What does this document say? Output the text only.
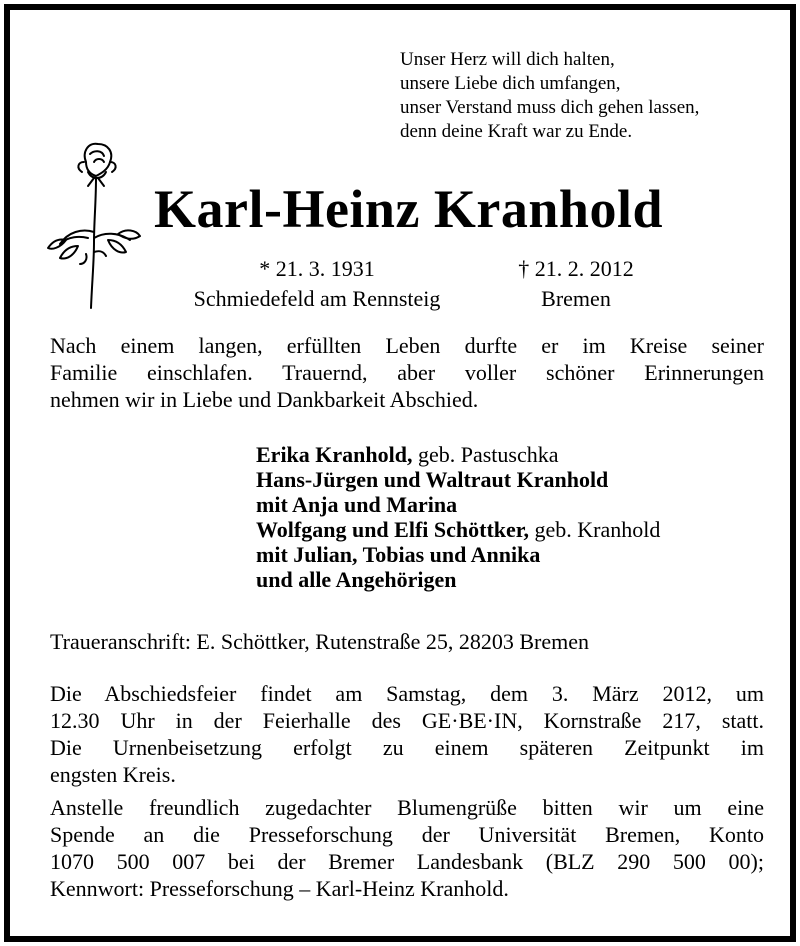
Unser Herz will dich halten,
unsere Liebe dich umfangen,
unser Verstand muss dich gehen lassen,
denn deine Kraft war zu Ende.
Karl-Heinz Kranhold
* 21. 3. 1931
Schmiedefeld am Rennsteig
† 21. 2. 2012
Bremen
Nach einem langen, erfüllten Leben durfte er im Kreise seiner
Familie einschlafen. Trauernd, aber voller schöner Erinnerungen
nehmen wir in Liebe und Dankbarkeit Abschied.
Erika Kranhold, geb. Pastuschka
Hans-Jürgen und Waltraut Kranhold
mit Anja und Marina
Wolfgang und Elfi Schöttker, geb. Kranhold
mit Julian, Tobias und Annika
und alle Angehörigen
Traueranschrift: E. Schöttker, Rutenstraße 25, 28203 Bremen
Die Abschiedsfeier findet am Samstag, dem 3. März 2012, um
12.30 Uhr in der Feierhalle des GE·BE·IN, Kornstraße 217, statt.
Die Urnenbeisetzung erfolgt zu einem späteren Zeitpunkt im
engsten Kreis.
Anstelle freundlich zugedachter Blumengrüße bitten wir um eine
Spende an die Presseforschung der Universität Bremen, Konto
1070 500 007 bei der Bremer Landesbank (BLZ 290 500 00);
Kennwort: Presseforschung – Karl-Heinz Kranhold.
